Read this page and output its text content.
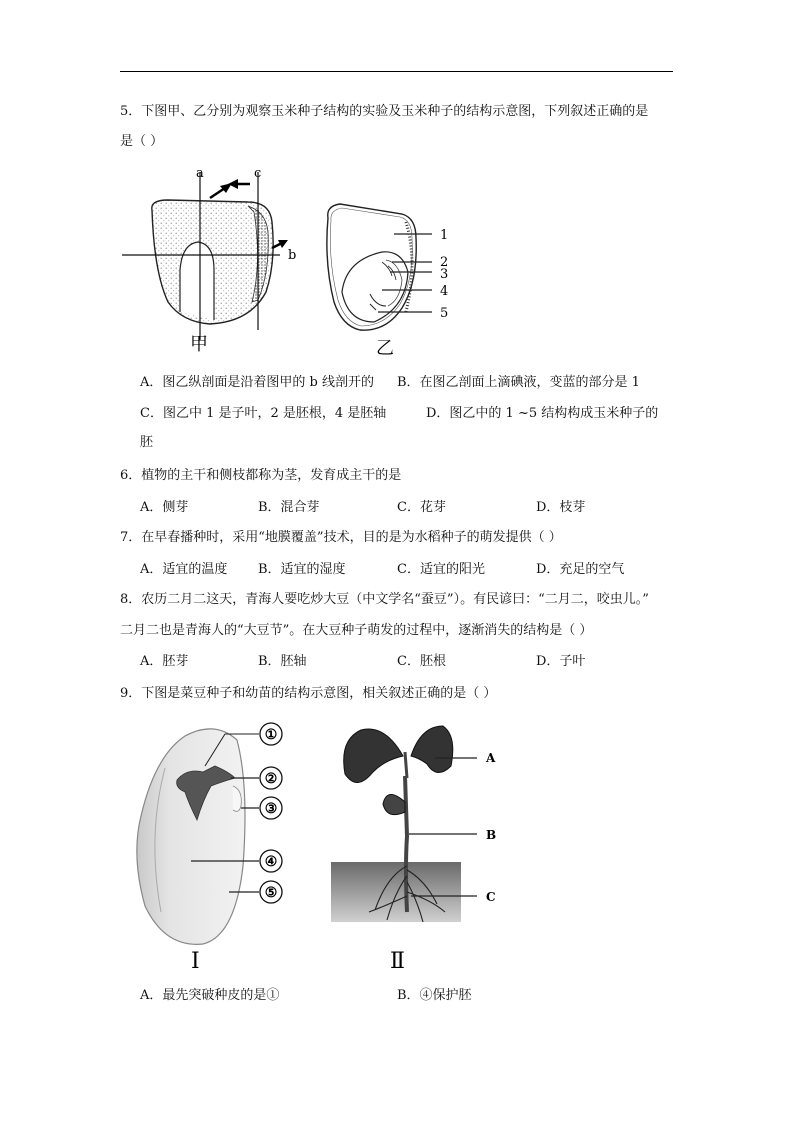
5．下图甲、乙分别为观察玉米种子结构的实验及玉米种子的结构示意图，下列叙述正确的是
是（ ）
a	c
b
甲
1
2
3
4
5
乙
A．图乙纵剖面是沿着图甲的 b 线剖开的 B．在图乙剖面上滴碘液，变蓝的部分是 1
C．图乙中 1 是子叶，2 是胚根，4 是胚轴	D．图乙中的 1 ~5 结构构成玉米种子的
胚
6．植物的主干和侧枝都称为茎，发育成主干的是
A．侧芽	B．混合芽	C．花芽	D．枝芽
7．在早春播种时，采用“地膜覆盖”技术，目的是为水稻种子的萌发提供（ ）
A．适宜的温度 B．适宜的湿度	C．适宜的阳光	D．充足的空气
8．农历二月二这天，青海人要吃炒大豆（中文学名“蚕豆”）。有民谚曰：“二月二，咬虫儿。”
二月二也是青海人的“大豆节”。在大豆种子萌发的过程中，逐渐消失的结构是（ ）
A．胚芽	B．胚轴	C．胚根	D．子叶
9．下图是菜豆种子和幼苗的结构示意图，相关叙述正确的是（ ）
①
②
③
④
⑤
Ⅰ
A
B
C
Ⅱ
A．最先突破种皮的是①	B．④保护胚
